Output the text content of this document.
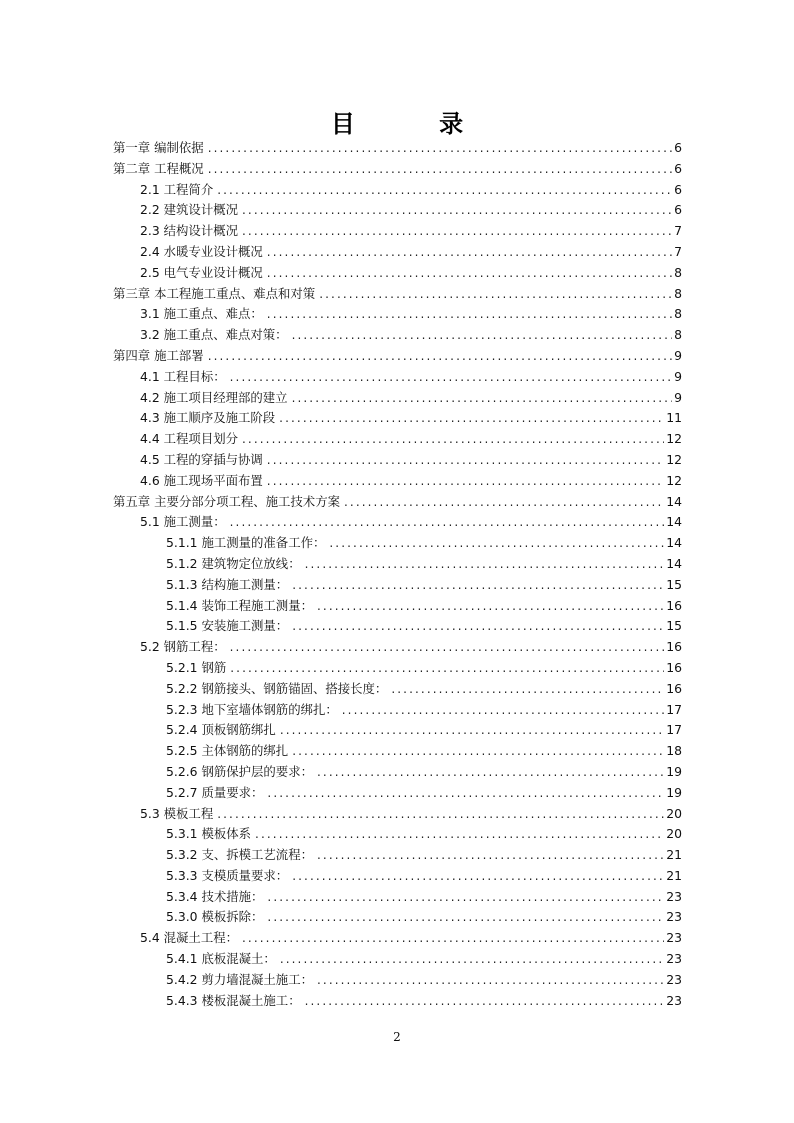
目 录
第一章 编制依据 .....	6
第二章 工程概况 .....	6
2.1 工程简介 .....	6
2.2 建筑设计概况 .....	6
2.3 结构设计概况 .....	7
2.4 水暖专业设计概况 .....	7
2.5 电气专业设计概况 .....	8
第三章 本工程施工重点、难点和对策 .....	8
3.1 施工重点、难点： .....	8
3.2 施工重点、难点对策： .....	8
第四章 施工部署 .....	9
4.1 工程目标： .....	9
4.2 施工项目经理部的建立 .....	9
4.3 施工顺序及施工阶段 .....	11
4.4 工程项目划分 .....	12
4.5 工程的穿插与协调 .....	12
4.6 施工现场平面布置 .....	12
第五章 主要分部分项工程、施工技术方案 .....	14
5.1 施工测量： .....	14
5.1.1 施工测量的准备工作： .....	14
5.1.2 建筑物定位放线： .....	14
5.1.3 结构施工测量： .....	15
5.1.4 装饰工程施工测量： .....	16
5.1.5 安装施工测量： .....	15
5.2 钢筋工程： .....	16
5.2.1 钢筋 .....	16
5.2.2 钢筋接头、钢筋锚固、搭接长度： .....	16
5.2.3 地下室墙体钢筋的绑扎： .....	17
5.2.4 顶板钢筋绑扎 .....	17
5.2.5 主体钢筋的绑扎 .....	18
5.2.6 钢筋保护层的要求： .....	19
5.2.7 质量要求： .....	19
5.3 模板工程 .....	20
5.3.1 模板体系 .....	20
5.3.2 支、拆模工艺流程： .....	21
5.3.3 支模质量要求： .....	21
5.3.4 技术措施： .....	23
5.3.0 模板拆除： .....	23
5.4 混凝土工程： .....	23
5.4.1 底板混凝土： .....	23
5.4.2 剪力墙混凝土施工： .....	23
5.4.3 楼板混凝土施工： .....	23
2
